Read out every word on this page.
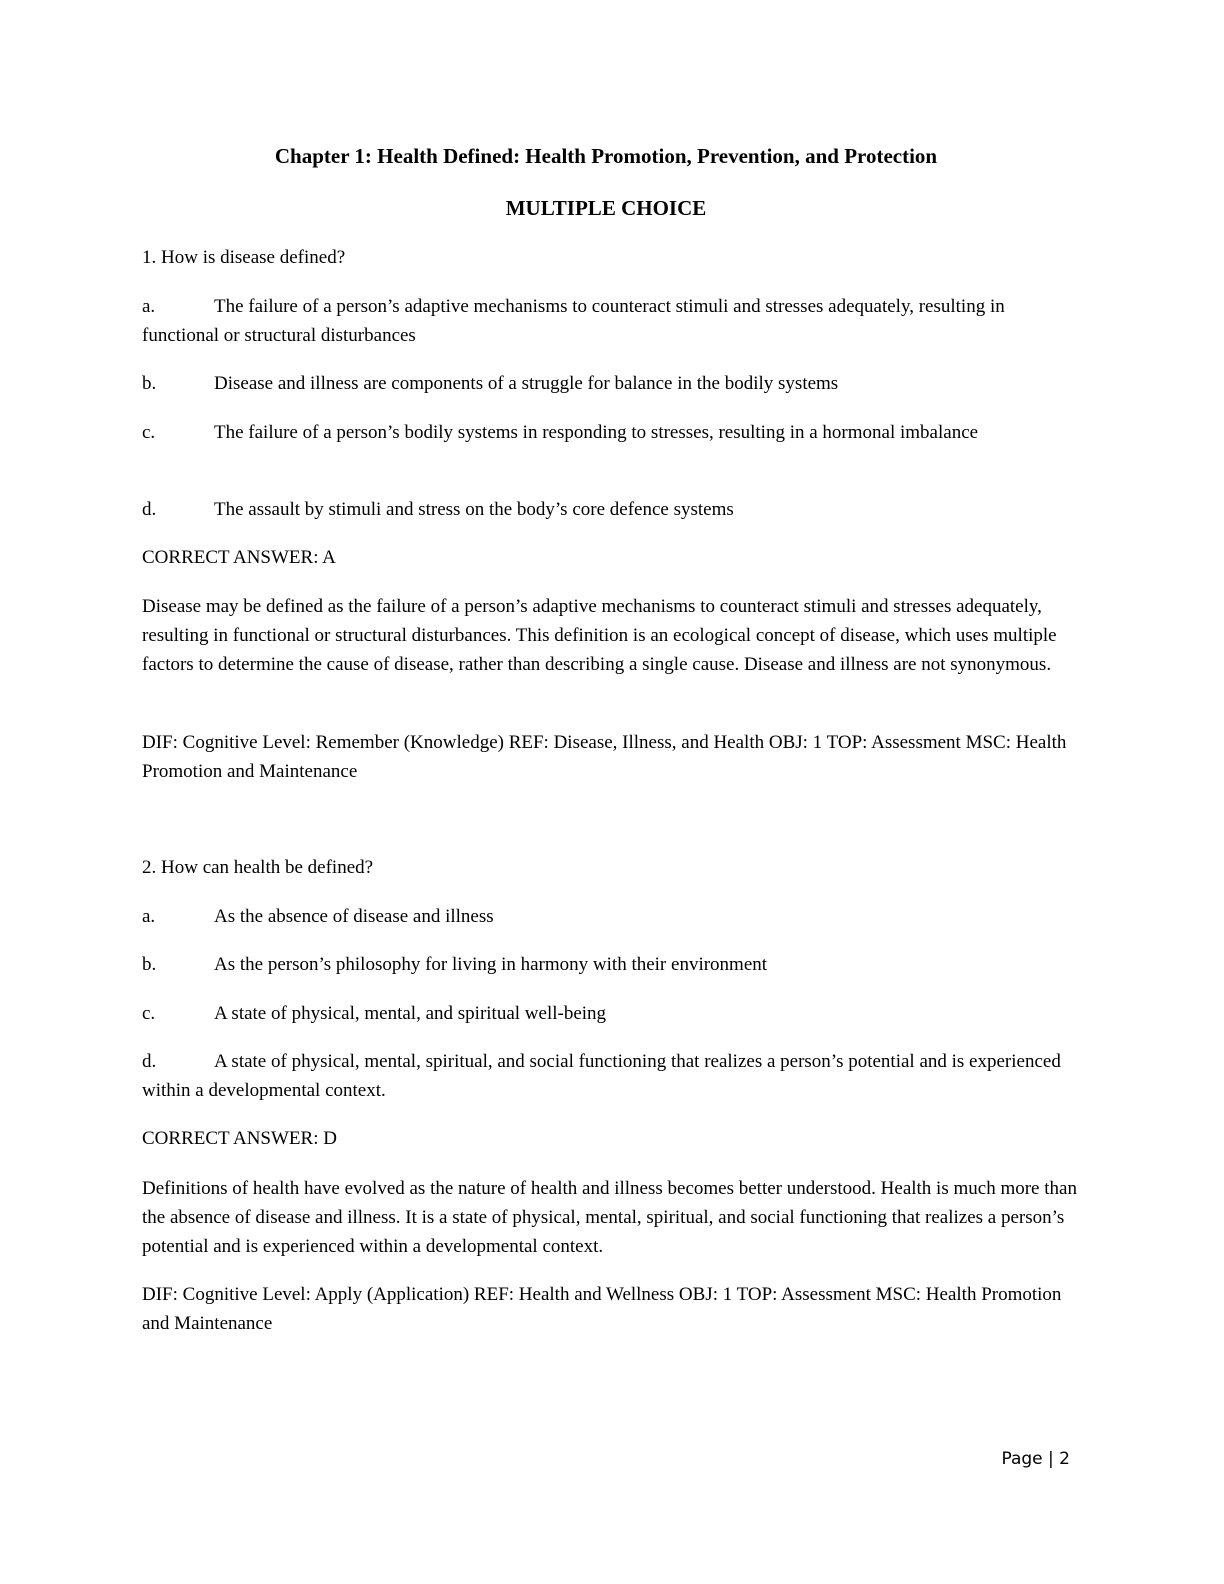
Chapter 1: Health Defined: Health Promotion, Prevention, and Protection
MULTIPLE CHOICE
1. How is disease defined?
a.	The failure of a person’s adaptive mechanisms to counteract stimuli and stresses adequately, resulting in functional or structural disturbances
b.	Disease and illness are components of a struggle for balance in the bodily systems
c.	The failure of a person’s bodily systems in responding to stresses, resulting in a hormonal imbalance
d.	The assault by stimuli and stress on the body’s core defence systems
CORRECT ANSWER: A
Disease may be defined as the failure of a person’s adaptive mechanisms to counteract stimuli and stresses adequately, resulting in functional or structural disturbances. This definition is an ecological concept of disease, which uses multiple factors to determine the cause of disease, rather than describing a single cause. Disease and illness are not synonymous.
DIF: Cognitive Level: Remember (Knowledge) REF: Disease, Illness, and Health OBJ: 1 TOP: Assessment MSC: Health Promotion and Maintenance
2. How can health be defined?
a.	As the absence of disease and illness
b.	As the person’s philosophy for living in harmony with their environment
c.	A state of physical, mental, and spiritual well-being
d.	A state of physical, mental, spiritual, and social functioning that realizes a person’s potential and is experienced within a developmental context.
CORRECT ANSWER: D
Definitions of health have evolved as the nature of health and illness becomes better understood. Health is much more than the absence of disease and illness. It is a state of physical, mental, spiritual, and social functioning that realizes a person’s potential and is experienced within a developmental context.
DIF: Cognitive Level: Apply (Application) REF: Health and Wellness OBJ: 1 TOP: Assessment MSC: Health Promotion and Maintenance
Page | 2
